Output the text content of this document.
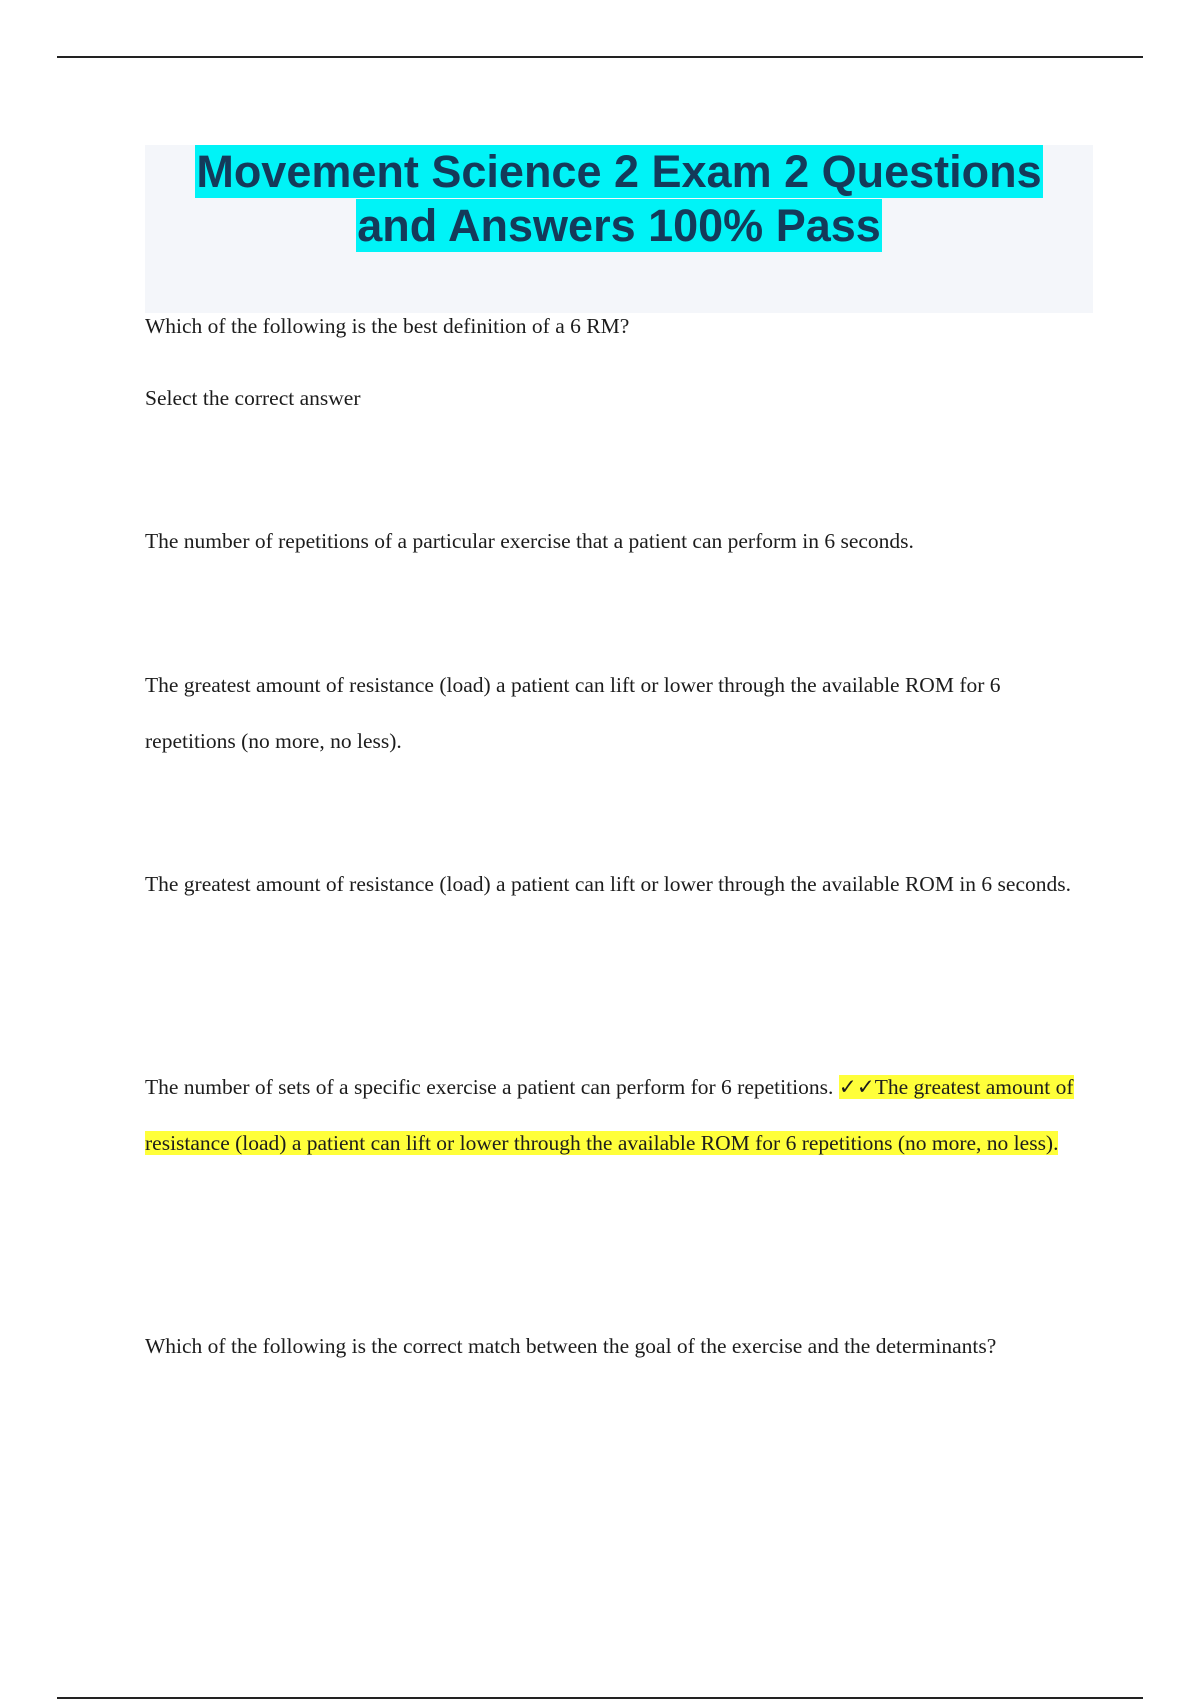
Movement Science 2 Exam 2 Questions
and Answers 100% Pass

Which of the following is the best definition of a 6 RM?

Select the correct answer

The number of repetitions of a particular exercise that a patient can perform in 6 seconds.

The greatest amount of resistance (load) a patient can lift or lower through the available ROM for 6 repetitions (no more, no less).

The greatest amount of resistance (load) a patient can lift or lower through the available ROM in 6 seconds.

The number of sets of a specific exercise a patient can perform for 6 repetitions. ✓✓The greatest amount of resistance (load) a patient can lift or lower through the available ROM for 6 repetitions (no more, no less).

Which of the following is the correct match between the goal of the exercise and the determinants?
